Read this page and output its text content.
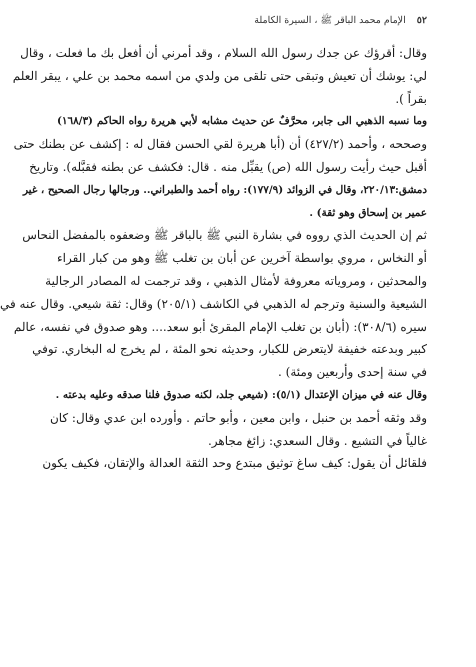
٥٢ الإمام محمد الباقر ﷺ ، السيرة الكاملة
وقال: أقرؤك عن جدك رسول الله السلام ، وقد أمرني أن أفعل بك ما فعلت ، وقال
لي: يوشك أن تعيش وتبقى حتى تلقى من ولدي من اسمه محمد بن علي ، يبقر العلم
بقراً ).
وما نسبه الذهبي الى جابر، محرَّفٌ عن حديث مشابه لأبي هريرة رواه الحاكم (١٦٨/٣)
وصححه ، وأحمد (٤٢٧/٢) أن (أبا هريرة لقي الحسن فقال له : إكشف عن بطنك حتى
أقبل حيث رأيت رسول الله (ص) يقبِّل منه . قال: فكشف عن بطنه فقبَّله). وتاريخ
دمشق:٢٢٠/١٣، وقال في الزوائد (١٧٧/٩): رواه أحمد والطبراني.. ورجالها رجال الصحيح ، غير
عمير بن إسحاق وهو ثقة) .
ثم إن الحديث الذي رووه في بشارة النبي ﷺ بالباقر ﷺ وضعفوه بالمفضل النحاس
أو النخاس ، مروي بواسطة آخرين عن أبان بن تغلب ﷺ وهو من كبار القراء
والمحدثين ، ومروياته معروفة لأمثال الذهبي ، وقد ترجمت له المصادر الرجالية
الشيعية والسنية وترجم له الذهبي في الكاشف (٢٠٥/١) وقال: ثقة شيعي. وقال عنه في
سيره (٣٠٨/٦): (أبان بن تغلب الإمام المقرئ أبو سعد.... وهو صدوق في نفسه، عالم
كبير وبدعته خفيفة لايتعرض للكبار، وحديثه نحو المئة ، لم يخرج له البخاري. توفي
في سنة إحدى وأربعين ومئة) .
وقال عنه في ميزان الإعتدال (٥/١): (شيعي جلد، لكنه صدوق فلنا صدقه وعليه بدعته .
وقد وثقه أحمد بن حنبل ، وابن معين ، وأبو حاتم . وأورده ابن عدي وقال: كان
غالياً في التشيع . وقال السعدي: زائغ مجاهر.
فلقائل أن يقول: كيف ساغ توثيق مبتدع وحد الثقة العدالة والإتقان، فكيف يكون
